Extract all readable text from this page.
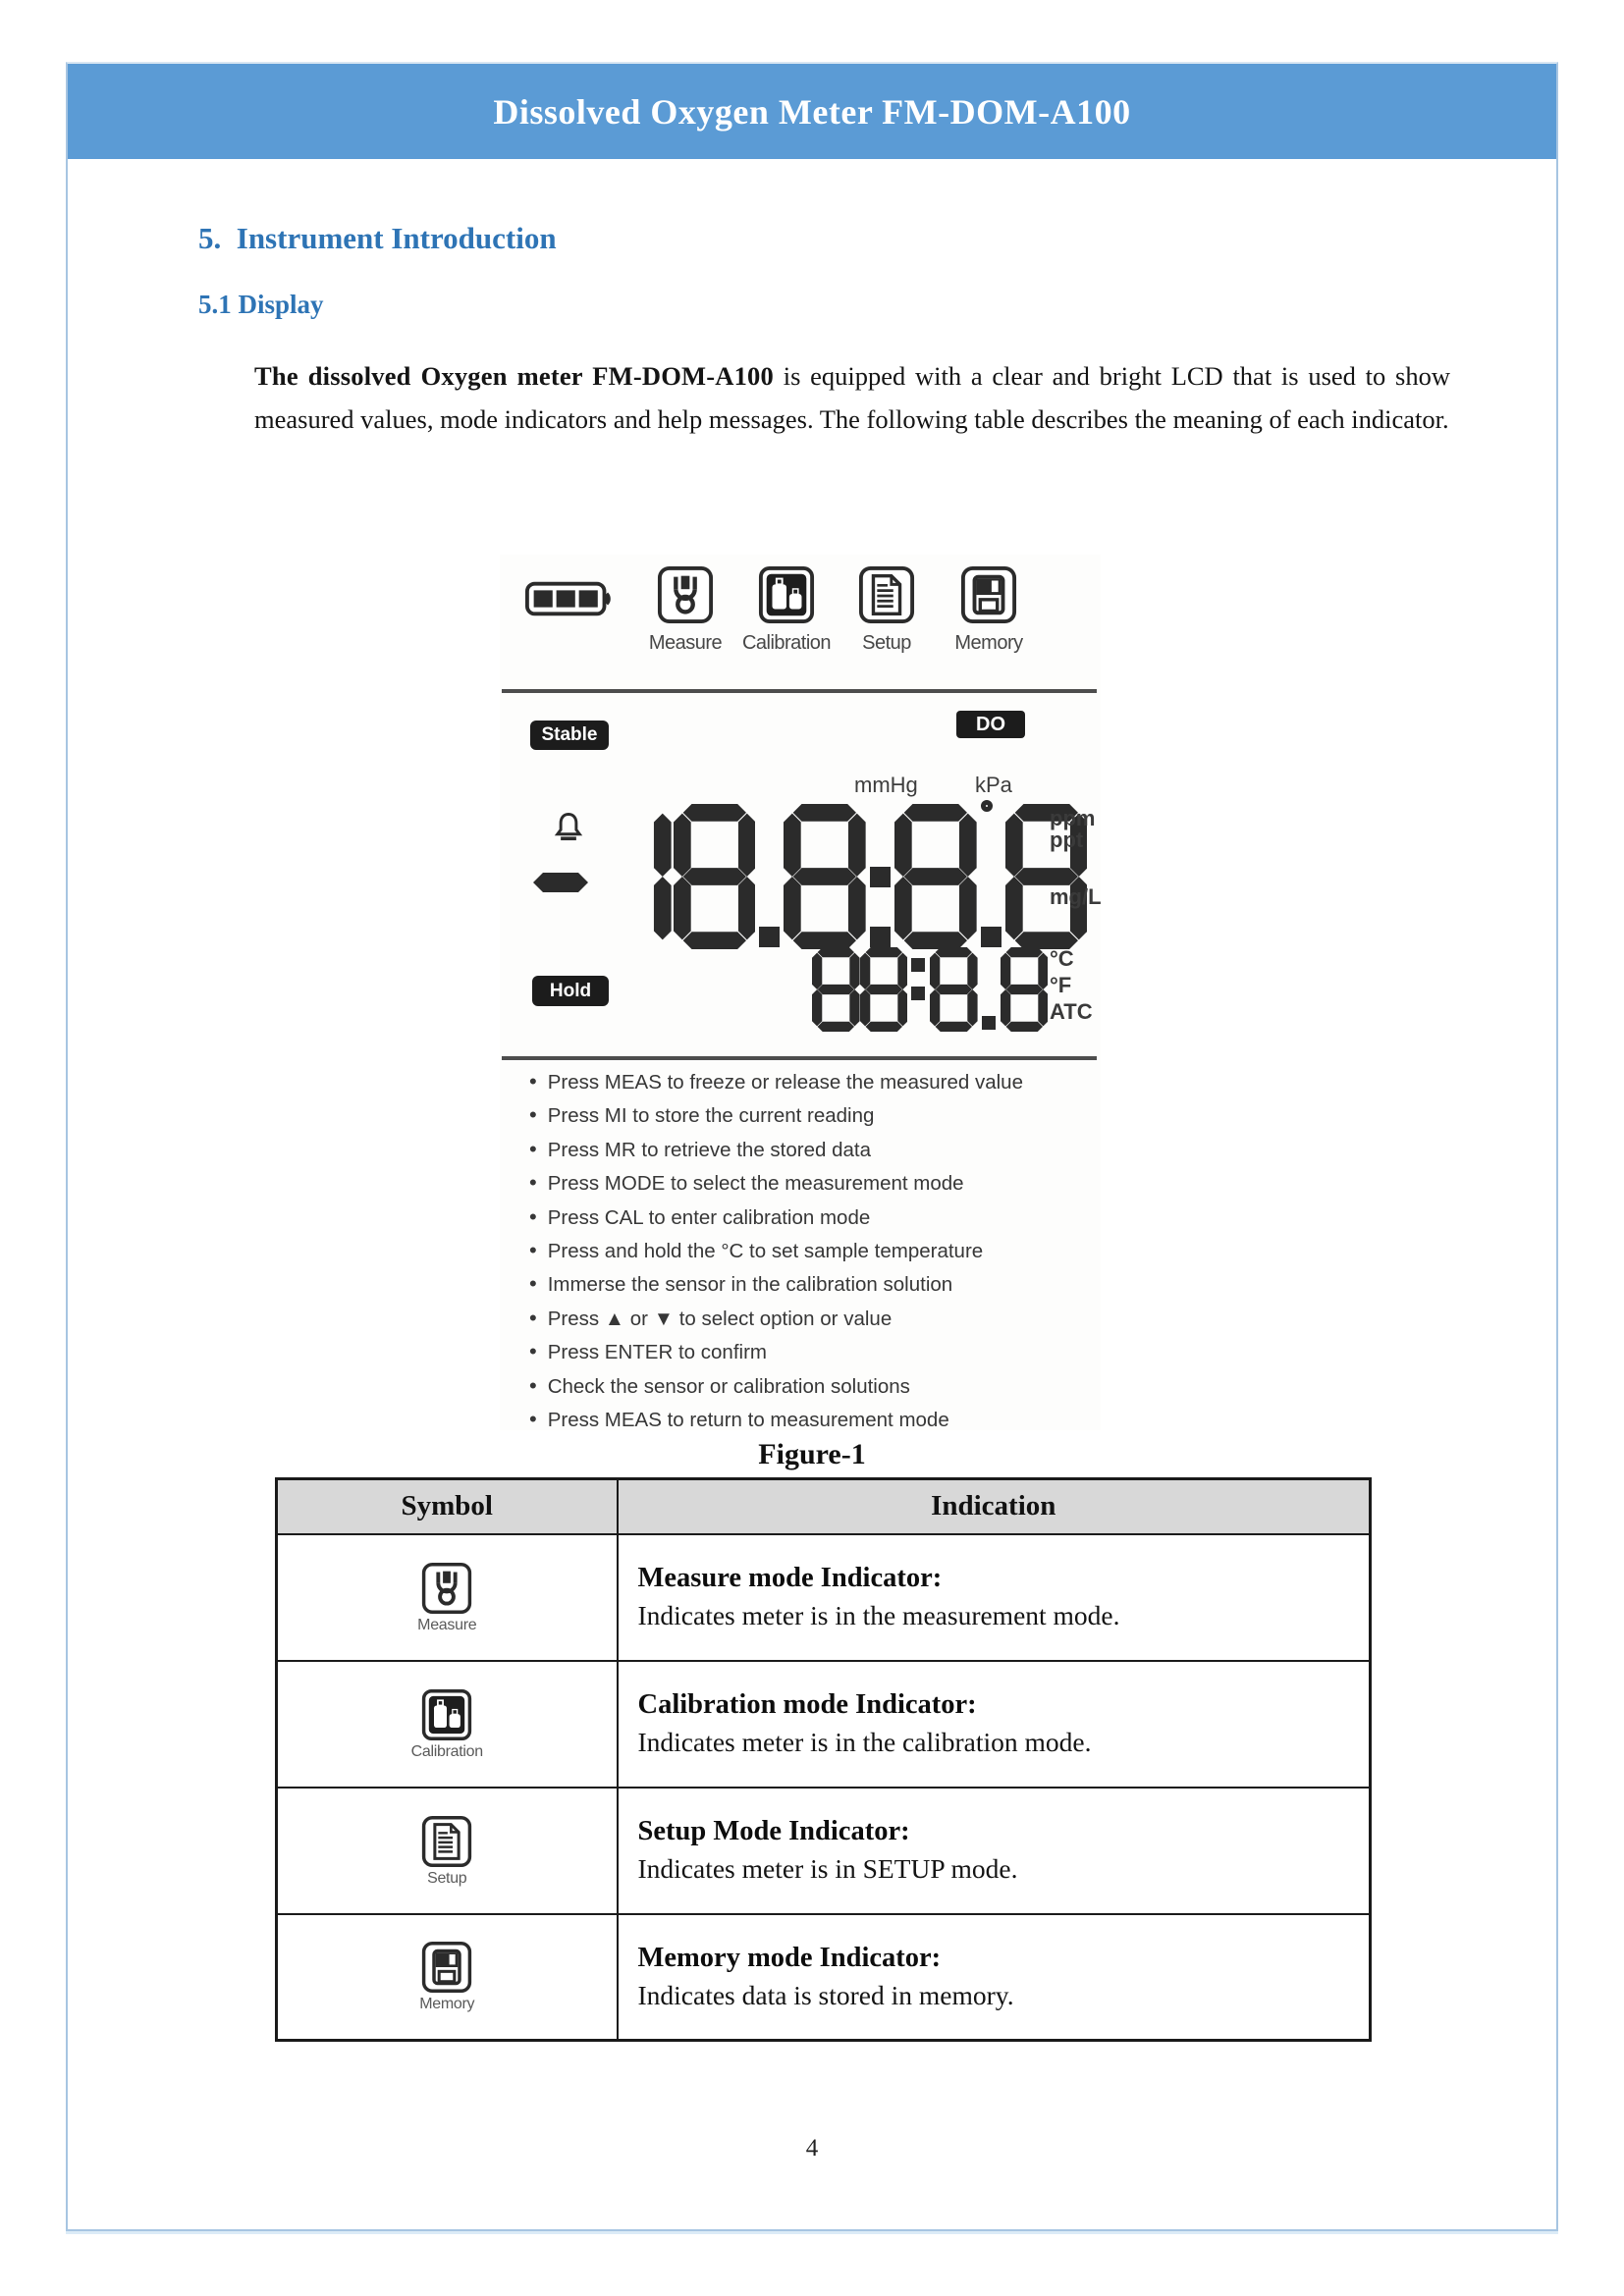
Dissolved Oxygen Meter FM-DOM-A100
5.  Instrument Introduction
5.1 Display

The dissolved Oxygen meter FM-DOM-A100 is equipped with a clear and bright LCD that is used to show measured values, mode indicators and help messages. The following table describes the meaning of each indicator.

Measure	Calibration	Setup	Memory
DO
Stable
mmHg	kPa
ppm
ppt
mg/L
Hold
°C
°F
ATC
• Press MEAS to freeze or release the measured value
• Press MI to store the current reading
• Press MR to retrieve the stored data
• Press MODE to select the measurement mode
• Press CAL to enter calibration mode
• Press and hold the °C to set sample temperature
• Immerse the sensor in the calibration solution
• Press ▲ or ▼ to select option or value
• Press ENTER to confirm
• Check the sensor or calibration solutions
• Press MEAS to return to measurement mode
Figure-1
Symbol	Indication

Measure	Measure mode Indicator:
Indicates meter is in the measurement mode.

Calibration	Calibration mode Indicator:
Indicates meter is in the calibration mode.

Setup	Setup Mode Indicator:
Indicates meter is in SETUP mode.

Memory	Memory mode Indicator:
Indicates data is stored in memory.
4
